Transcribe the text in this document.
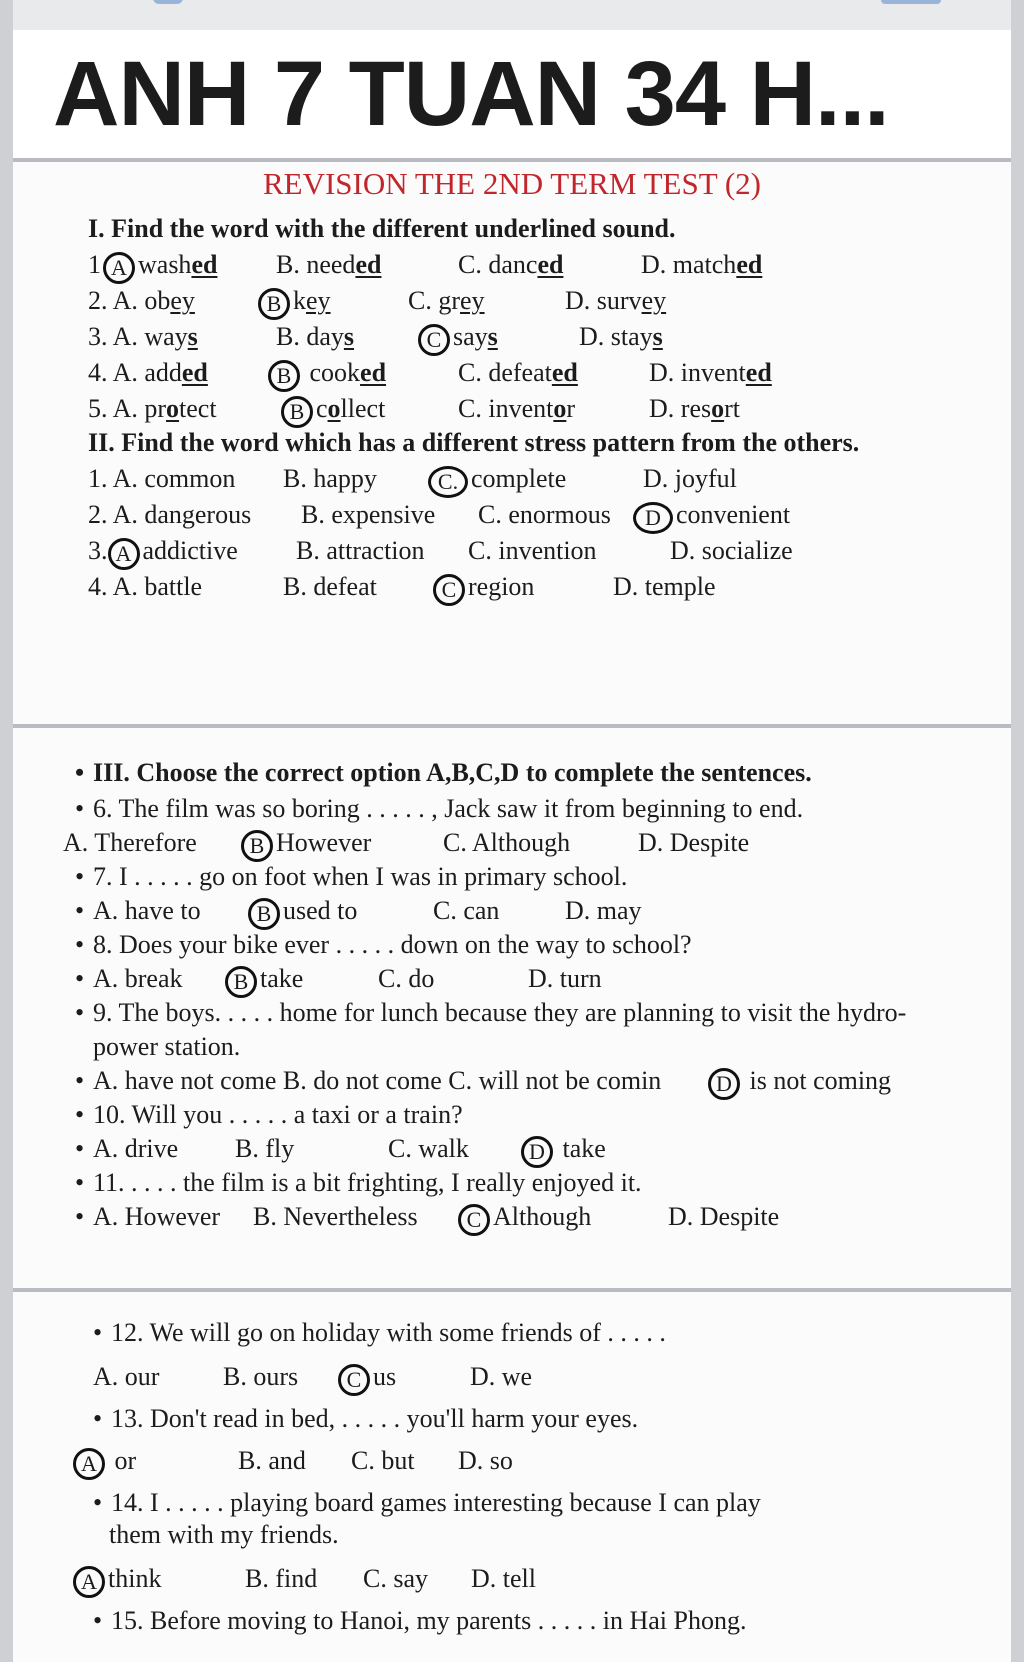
ANH 7 TUAN 34 H...
REVISION THE 2ND TERM TEST (2)
I. Find the word with the different underlined sound.
1 A washed B. needed	C. danced	D. matched
2. A. obey	B key	C. grey	D. survey
3. A. ways	B. days	C says	D. stays
4. A. added	B cooked	C. defeated	D. invented
5. A. protect	B collect	C. inventor	D. resort
II. Find the word which has a different stress pattern from the others.
1. A. common B. happy	C. complete	D. joyful
2. A. dangerous B. expensive C. enormous	D convenient
3. A addictive B. attraction C. invention	D. socialize
4. A. battle	B. defeat	C region	D. temple
• III. Choose the correct option A,B,C,D to complete the sentences.
• 6. The film was so boring . . . . . , Jack saw it from beginning to end.
A. Therefore	B However	C. Although	D. Despite
• 7. I . . . . . go on foot when I was in primary school.
• A. have to	B used to	C. can	D. may
• 8. Does your bike ever . . . . . down on the way to school?
• A. break	B take	C. do	D. turn
• 9. The boys. . . . . home for lunch because they are planning to visit the hydro-
power station.
• A. have not come B. do not come C. will not be comin	D is not coming
• 10. Will you . . . . . a taxi or a train?
• A. drive B. fly	C. walk	D take
• 11. . . . . the film is a bit frighting, I really enjoyed it.
• A. However B. Nevertheless	C Although	D. Despite
• 12. We will go on holiday with some friends of . . . . .
A. our B. ours	C us	D. we
• 13. Don't read in bed, . . . . . you'll harm your eyes.
A or	B. and C. but D. so
• 14. I . . . . . playing board games interesting because I can play
them with my friends.
A think	B. find C. say D. tell
• 15. Before moving to Hanoi, my parents . . . . . in Hai Phong.
